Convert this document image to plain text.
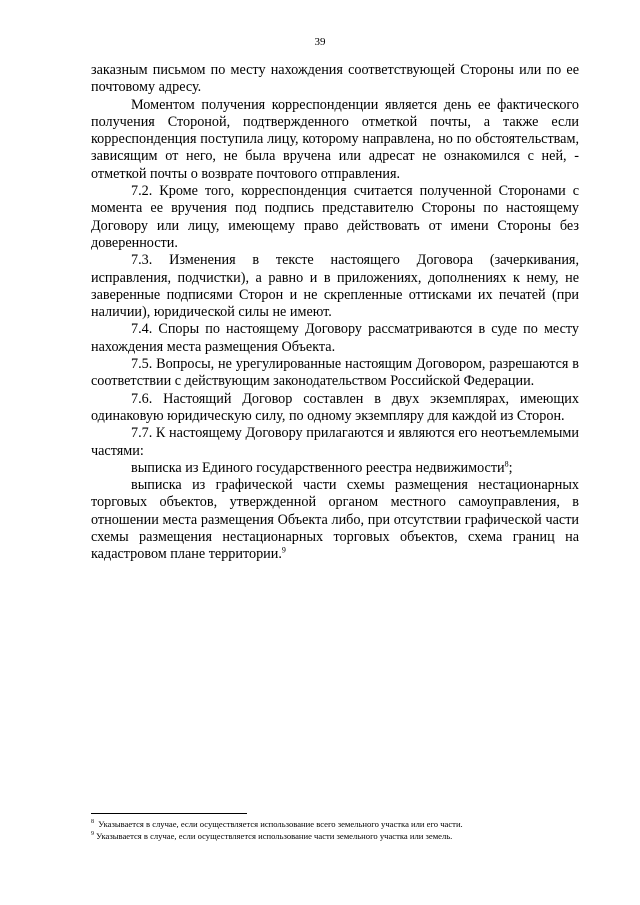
39

заказным письмом по месту нахождения соответствующей Стороны или по ее почтовому адресу.

Моментом получения корреспонденции является день ее фактического получения Стороной, подтвержденного отметкой почты, а также если корреспонденция поступила лицу, которому направлена, но по обстоятельствам, зависящим от него, не была вручена или адресат не ознакомился с ней, - отметкой почты о возврате почтового отправления.

7.2. Кроме того, корреспонденция считается полученной Сторонами с момента ее вручения под подпись представителю Стороны по настоящему Договору или лицу, имеющему право действовать от имени Стороны без доверенности.

7.3. Изменения в тексте настоящего Договора (зачеркивания, исправления, подчистки), а равно и в приложениях, дополнениях к нему, не заверенные подписями Сторон и не скрепленные оттисками их печатей (при наличии), юридической силы не имеют.

7.4. Споры по настоящему Договору рассматриваются в суде по месту нахождения места размещения Объекта.

7.5. Вопросы, не урегулированные настоящим Договором, разрешаются в соответствии с действующим законодательством Российской Федерации.

7.6. Настоящий Договор составлен в двух экземплярах, имеющих одинаковую юридическую силу, по одному экземпляру для каждой из Сторон.

7.7. К настоящему Договору прилагаются и являются его неотъемлемыми частями:

выписка из Единого государственного реестра недвижимости$^8$;

выписка из графической части схемы размещения нестационарных торговых объектов, утвержденной органом местного самоуправления, в отношении места размещения Объекта либо, при отсутствии графической части схемы размещения нестационарных торговых объектов, схема границ на кадастровом плане территории.$^9$

$^8$ Указывается в случае, если осуществляется использование всего земельного участка или его части.
$^9$ Указывается в случае, если осуществляется использование части земельного участка или земель.
